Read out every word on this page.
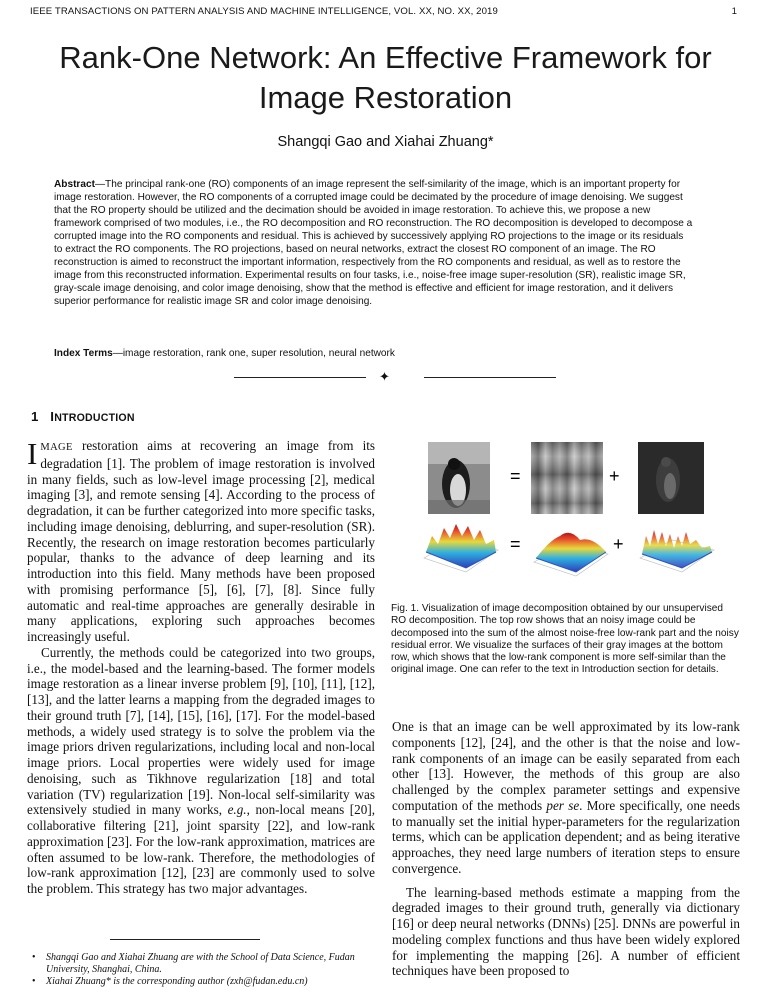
IEEE TRANSACTIONS ON PATTERN ANALYSIS AND MACHINE INTELLIGENCE, VOL. XX, NO. XX, 2019	1
Rank-One Network: An Effective Framework for
Image Restoration
Shangqi Gao and Xiahai Zhuang*
Abstract—The principal rank-one (RO) components of an image represent the self-similarity of the image, which is an important property for image restoration. However, the RO components of a corrupted image could be decimated by the procedure of image denoising. We suggest that the RO property should be utilized and the decimation should be avoided in image restoration. To achieve this, we propose a new framework comprised of two modules, i.e., the RO decomposition and RO reconstruction. The RO decomposition is developed to decompose a corrupted image into the RO components and residual. This is achieved by successively applying RO projections to the image or its residuals to extract the RO components. The RO projections, based on neural networks, extract the closest RO component of an image. The RO reconstruction is aimed to reconstruct the important information, respectively from the RO components and residual, as well as to restore the image from this reconstructed information. Experimental results on four tasks, i.e., noise-free image super-resolution (SR), realistic image SR, gray-scale image denoising, and color image denoising, show that the method is effective and efficient for image restoration, and it delivers superior performance for realistic image SR and color image denoising.
Index Terms—image restoration, rank one, super resolution, neural network
✦
1 INTRODUCTION

IMAGE restoration aims at recovering an image from its degradation [1]. The problem of image restoration is involved in many fields, such as low-level image processing [2], medical imaging [3], and remote sensing [4]. According to the process of degradation, it can be further categorized into more specific tasks, including image denoising, deblurring, and super-resolution (SR). Recently, the research on image restoration becomes particularly popular, thanks to the advance of deep learning and its introduction into this field. Many methods have been proposed with promising performance [5], [6], [7], [8]. Since fully automatic and real-time approaches are generally desirable in many applications, exploring such approaches becomes increasingly useful.

Currently, the methods could be categorized into two groups, i.e., the model-based and the learning-based. The former models image restoration as a linear inverse problem [9], [10], [11], [12], [13], and the latter learns a mapping from the degraded images to their ground truth [7], [14], [15], [16], [17]. For the model-based methods, a widely used strategy is to solve the problem via the image priors driven regularizations, including local and non-local image priors. Local properties were widely used for image denoising, such as Tikhnove regularization [18] and total variation (TV) regularization [19]. Non-local self-similarity was extensively studied in many works, e.g., non-local means [20], collaborative filtering [21], joint sparsity [22], and low-rank approximation [23]. For the low-rank approximation, matrices are often assumed to be low-rank. Therefore, the methodologies of low-rank approximation [12], [23] are commonly used to solve the problem. This strategy has two major advantages.

• Shangqi Gao and Xiahai Zhuang are with the School of Data Science, Fudan University, Shanghai, China.
• Xiahai Zhuang* is the corresponding author (zxh@fudan.edu.cn)
=	+
=	+
Fig. 1. Visualization of image decomposition obtained by our unsupervised RO decomposition. The top row shows that an noisy image could be decomposed into the sum of the almost noise-free low-rank part and the noisy residual error. We visualize the surfaces of their gray images at the bottom row, which shows that the low-rank component is more self-similar than the original image. One can refer to the text in Introduction section for details.

One is that an image can be well approximated by its low-rank components [12], [24], and the other is that the noise and low-rank components of an image can be easily separated from each other [13]. However, the methods of this group are also challenged by the complex parameter settings and expensive computation of the methods per se. More specifically, one needs to manually set the initial hyper-parameters for the regularization terms, which can be application dependent; and as being iterative approaches, they need large numbers of iteration steps to ensure convergence.

The learning-based methods estimate a mapping from the degraded images to their ground truth, generally via dictionary [16] or deep neural networks (DNNs) [25]. DNNs are powerful in modeling complex functions and thus have been widely explored for implementing the mapping [26]. A number of efficient techniques have been proposed to
